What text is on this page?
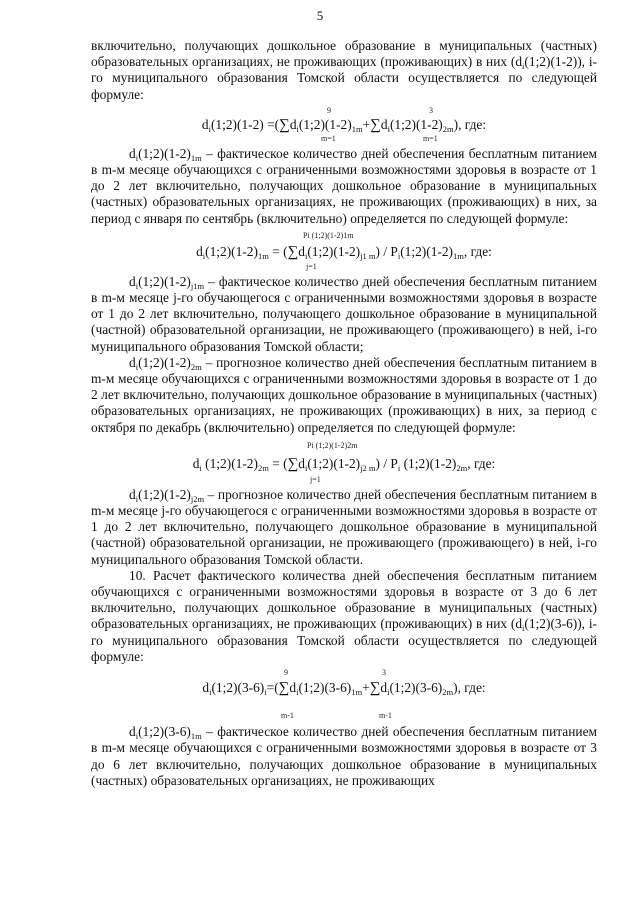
5

включительно, получающих дошкольное образование в муниципальных (частных) образовательных организациях, не проживающих (проживающих) в них $(d_i(1;2)(1-2))$, i-го муниципального образования Томской области осуществляется по следующей формуле:

9
m=1
3
m=1
$d_i(1;2)(1-2)$ $=(\sum d_i(1;2)(1-2)_{1m}+\sum d_i(1;2)(1-2)_{2m})$, где:

$d_i(1;2)(1-2)_{1m}$ – фактическое количество дней обеспечения бесплатным питанием в m-м месяце обучающихся с ограниченными возможностями здоровья в возрасте от 1 до 2 лет включительно, получающих дошкольное образование в муниципальных (частных) образовательных организациях, не проживающих (проживающих) в них, за период с января по сентябрь (включительно) определяется по следующей формуле:

Pi (1;2)(1-2)1m
j=1
$d_i(1;2)(1-2)_{1m}$ = $(\sum d_i(1;2)(1-2)_{j1 m})$ / $P_i(1;2)(1-2)_{1m}$, где:

$d_i(1;2)(1-2)_{j1m}$ – фактическое количество дней обеспечения бесплатным питанием в m-м месяце j-го обучающегося с ограниченными возможностями здоровья в возрасте от 1 до 2 лет включительно, получающего дошкольное образование в муниципальной (частной) образовательной организации, не проживающего (проживающего) в ней, i-го муниципального образования Томской области;

$d_i(1;2)(1-2)_{2m}$ – прогнозное количество дней обеспечения бесплатным питанием в m-м месяце обучающихся с ограниченными возможностями здоровья в возрасте от 1 до 2 лет включительно, получающих дошкольное образование в муниципальных (частных) образовательных организациях, не проживающих (проживающих) в них, за период с октября по декабрь (включительно) определяется по следующей формуле:

Pi (1;2)(1-2)2m
j=1
$d_i$ $(1;2)(1-2)_{2m}$ = $(\sum d_i(1;2)(1-2)_{j2 m}) / P_i$ $(1;2)(1-2)_{2m}$, где:

$d_i(1;2)(1-2)_{j2m}$ – прогнозное количество дней обеспечения бесплатным питанием в m-м месяце j-го обучающегося с ограниченными возможностями здоровья в возрасте от 1 до 2 лет включительно, получающего дошкольное образование в муниципальной (частной) образовательной организации, не проживающего (проживающего) в ней, i-го муниципального образования Томской области.

10. Расчет фактического количества дней обеспечения бесплатным питанием обучающихся с ограниченными возможностями здоровья в возрасте от 3 до 6 лет включительно, получающих дошкольное образование в муниципальных (частных) образовательных организациях, не проживающих (проживающих) в них $(d_i(1;2)(3-6))$, i-го муниципального образования Томской области осуществляется по следующей формуле:

9
m-1
3
m-1
$d_i(1;2)(3-6)_i=(\sum d_i(1;2)(3-6)_{1m}+\sum d_i(1;2)(3-6)_{2m})$, где:

$d_i(1;2)(3-6)_{1m}$ – фактическое количество дней обеспечения бесплатным питанием в m-м месяце обучающихся с ограниченными возможностями здоровья в возрасте от 3 до 6 лет включительно, получающих дошкольное образование в муниципальных (частных) образовательных организациях, не проживающих
